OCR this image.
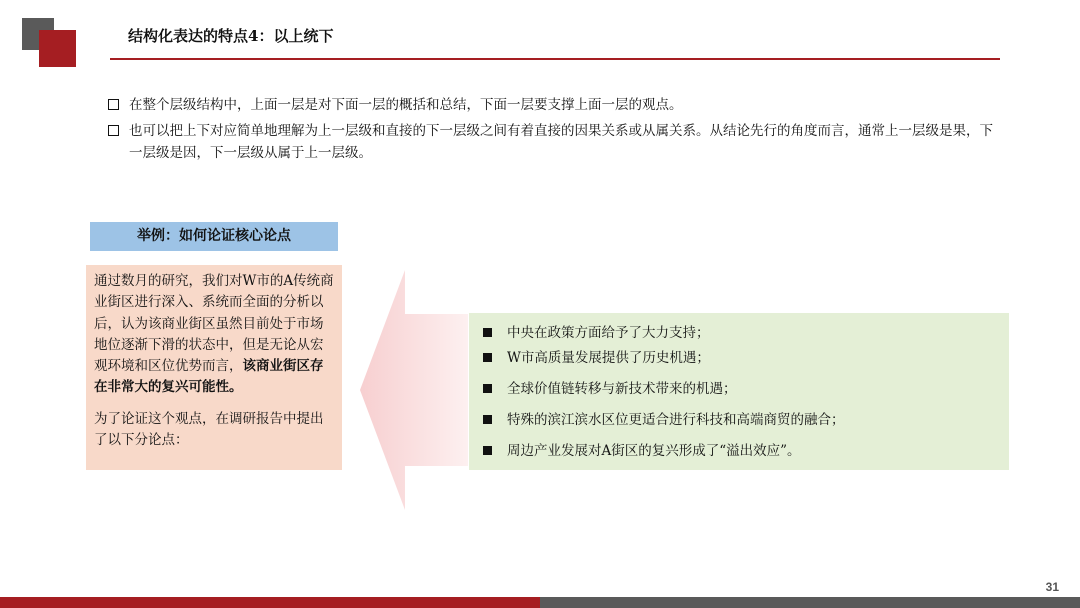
结构化表达的特点4：以上统下
在整个层级结构中，上面一层是对下面一层的概括和总结，下面一层要支撑上面一层的观点。
也可以把上下对应简单地理解为上一层级和直接的下一层级之间有着直接的因果关系或从属关系。从结论先行的角度而言，通常上一层级是果，下一层级是因，下一层级从属于上一层级。
举例：如何论证核心论点

通过数月的研究，我们对W市的A传统商业街区进行深入、系统而全面的分析以后，认为该商业街区虽然目前处于市场地位逐渐下滑的状态中，但是无论从宏观环境和区位优势而言，该商业街区存在非常大的复兴可能性。

为了论证这个观点，在调研报告中提出了以下分论点：

中央在政策方面给予了大力支持；
W市高质量发展提供了历史机遇；
全球价值链转移与新技术带来的机遇；
特殊的滨江滨水区位更适合进行科技和高端商贸的融合；
周边产业发展对A街区的复兴形成了“溢出效应”。
31
